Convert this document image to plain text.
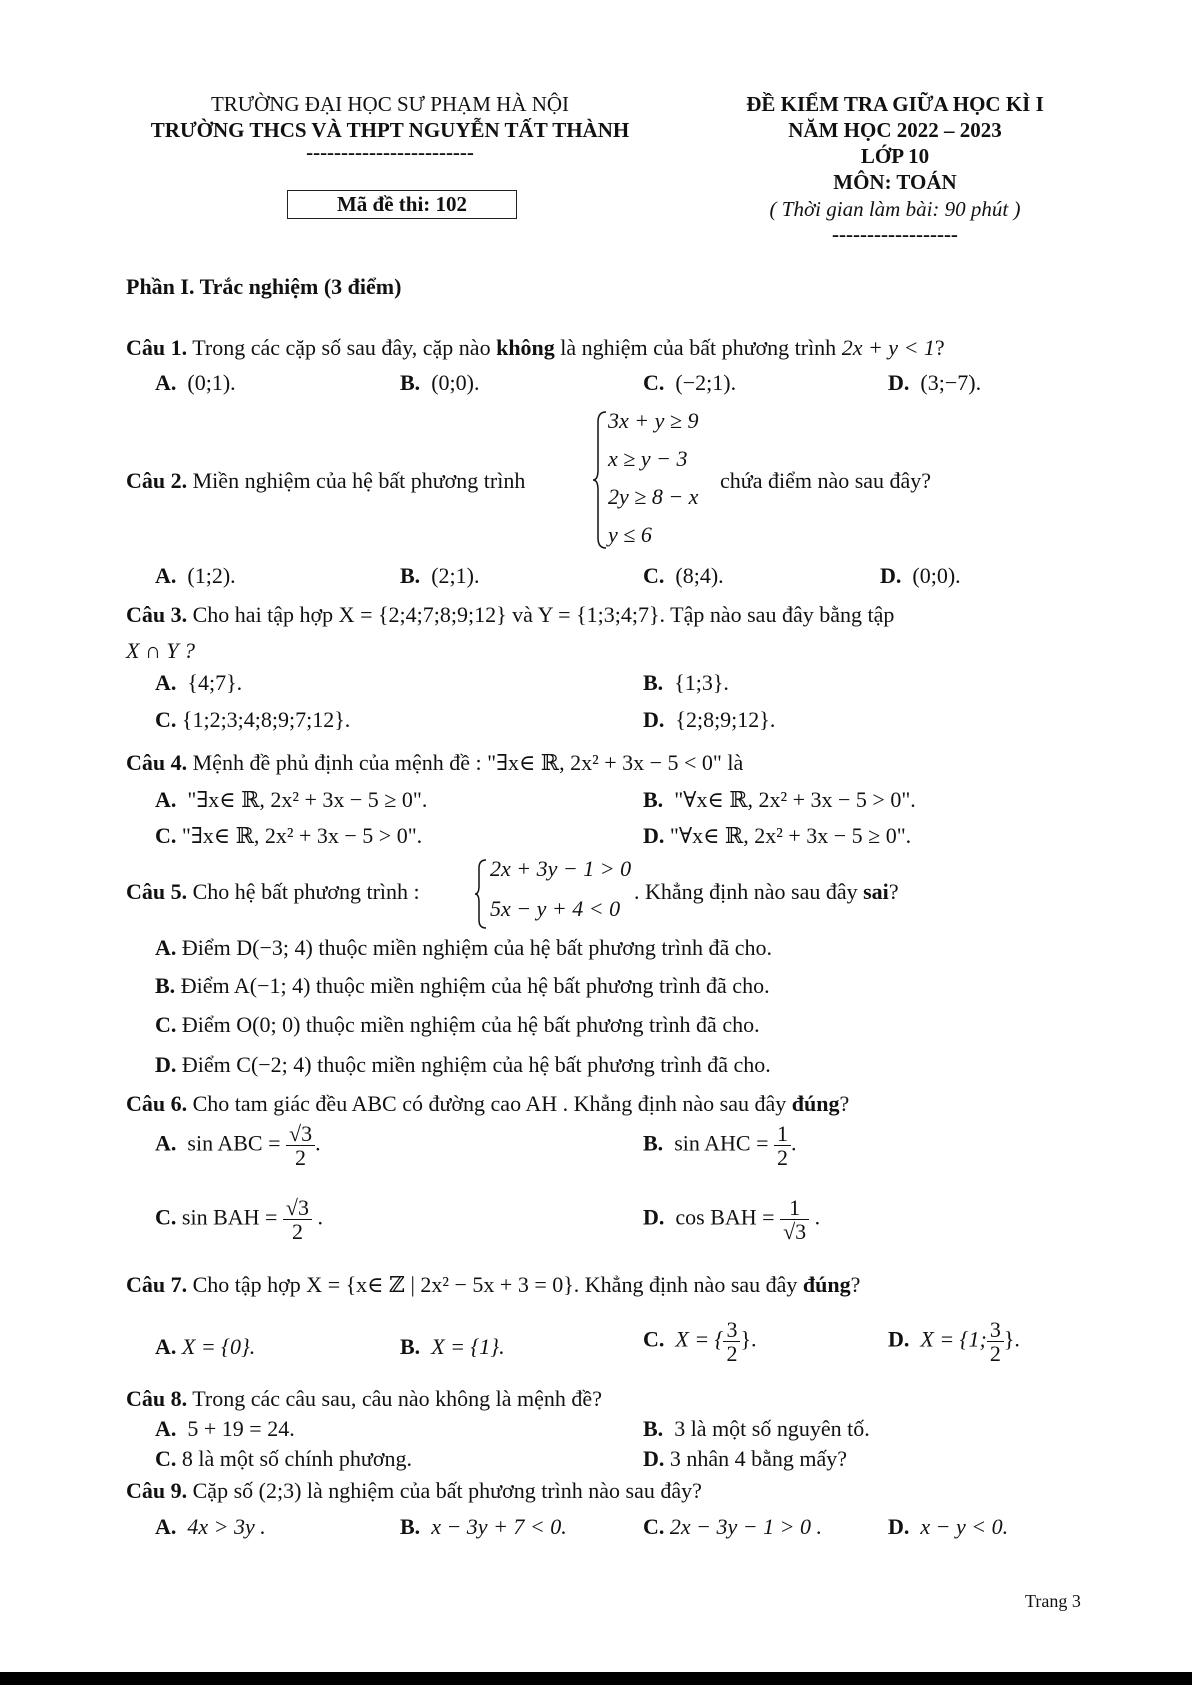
TRƯỜNG ĐẠI HỌC SƯ PHẠM HÀ NỘI
TRƯỜNG THCS VÀ THPT NGUYỄN TẤT THÀNH
------------------------
Mã đề thi: 102
ĐỀ KIỂM TRA GIỮA HỌC KÌ I
NĂM HỌC 2022 – 2023
LỚP 10
MÔN: TOÁN
( Thời gian làm bài: 90 phút )
------------------
Phần I. Trắc nghiệm (3 điểm)
Câu 1. Trong các cặp số sau đây, cặp nào không là nghiệm của bất phương trình 2x + y < 1?
A. (0;1).	B. (0;0).	C. (−2;1).	D. (3;−7).
Câu 2. Miền nghiệm của hệ bất phương trình
3x + y ≥ 9
x ≥ y − 3
2y ≥ 8 − x
y ≤ 6
chứa điểm nào sau đây?
A. (1;2).	B. (2;1).	C. (8;4).	D. (0;0).
Câu 3. Cho hai tập hợp X = {2;4;7;8;9;12} và Y = {1;3;4;7}. Tập nào sau đây bằng tập
X ∩ Y ?
A. {4;7}.	B. {1;3}.
C. {1;2;3;4;8;9;7;12}.	D. {2;8;9;12}.
Câu 4. Mệnh đề phủ định của mệnh đề : "∃x∈ ℝ, 2x² + 3x − 5 < 0" là
A. "∃x∈ ℝ, 2x² + 3x − 5 ≥ 0".	B. "∀x∈ ℝ, 2x² + 3x − 5 > 0".
C. "∃x∈ ℝ, 2x² + 3x − 5 > 0".	D. "∀x∈ ℝ, 2x² + 3x − 5 ≥ 0".
Câu 5. Cho hệ bất phương trình :
2x + 3y − 1 > 0
5x − y + 4 < 0
. Khẳng định nào sau đây sai?
A. Điểm D(−3; 4) thuộc miền nghiệm của hệ bất phương trình đã cho.
B. Điểm A(−1; 4) thuộc miền nghiệm của hệ bất phương trình đã cho.
C. Điểm O(0; 0) thuộc miền nghiệm của hệ bất phương trình đã cho.
D. Điểm C(−2; 4) thuộc miền nghiệm của hệ bất phương trình đã cho.
Câu 6. Cho tam giác đều ABC có đường cao AH . Khẳng định nào sau đây đúng?
A. sin ABC = $\frac{√3}{2}$ .	B. sin AHC = $\frac{1}{2}$ .
C. sin BAH = $\frac{√3}{2}$ .	D. cos BAH = $\frac{1}{√3}$ .
Câu 7. Cho tập hợp X = {x∈ ℤ | 2x² − 5x + 3 = 0}. Khẳng định nào sau đây đúng?
A. X = {0}.	B. X = {1}.	C. X = { $\frac{3}{2}$ }.	D. X = {1; $\frac{3}{2}$ }.
Câu 8. Trong các câu sau, câu nào không là mệnh đề?
A. 5 + 19 = 24.	B. 3 là một số nguyên tố.
C. 8 là một số chính phương.	D. 3 nhân 4 bằng mấy?
Câu 9. Cặp số (2;3) là nghiệm của bất phương trình nào sau đây?
A. 4x > 3y .	B. x − 3y + 7 < 0.	C. 2x − 3y − 1 > 0 .	D. x − y < 0.
Trang 3
